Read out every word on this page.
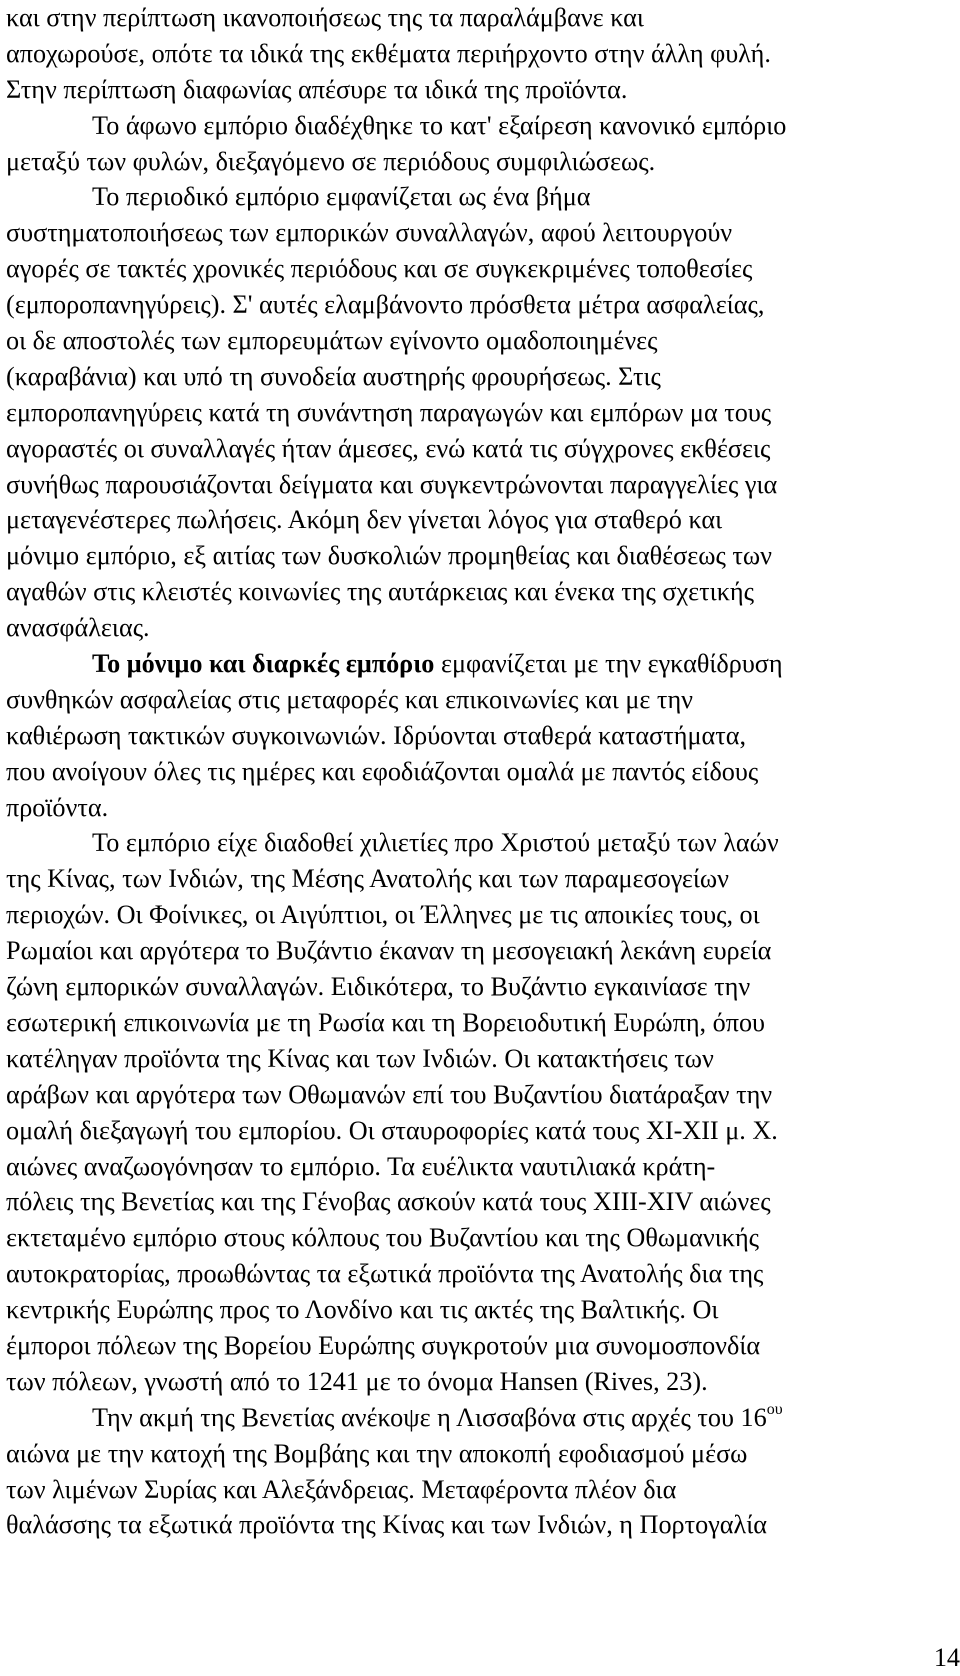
και στην περίπτωση ικανοποιήσεως της τα παραλάμβανε και
αποχωρούσε, οπότε τα ιδικά της εκθέματα περιήρχοντο στην άλλη φυλή.
Στην περίπτωση διαφωνίας απέσυρε τα ιδικά της προϊόντα.
Το άφωνο εμπόριο διαδέχθηκε το κατ' εξαίρεση κανονικό εμπόριο
μεταξύ των φυλών, διεξαγόμενο σε περιόδους συμφιλιώσεως.
Το περιοδικό εμπόριο εμφανίζεται ως ένα βήμα
συστηματοποιήσεως των εμπορικών συναλλαγών, αφού λειτουργούν
αγορές σε τακτές χρονικές περιόδους και σε συγκεκριμένες τοποθεσίες
(εμποροπανηγύρεις). Σ' αυτές ελαμβάνοντο πρόσθετα μέτρα ασφαλείας,
οι δε αποστολές των εμπορευμάτων εγίνοντο ομαδοποιημένες
(καραβάνια) και υπό τη συνοδεία αυστηρής φρουρήσεως. Στις
εμποροπανηγύρεις κατά τη συνάντηση παραγωγών και εμπόρων μα τους
αγοραστές οι συναλλαγές ήταν άμεσες, ενώ κατά τις σύγχρονες εκθέσεις
συνήθως παρουσιάζονται δείγματα και συγκεντρώνονται παραγγελίες για
μεταγενέστερες πωλήσεις. Ακόμη δεν γίνεται λόγος για σταθερό και
μόνιμο εμπόριο, εξ αιτίας των δυσκολιών προμηθείας και διαθέσεως των
αγαθών στις κλειστές κοινωνίες της αυτάρκειας και ένεκα της σχετικής
ανασφάλειας.
Το μόνιμο και διαρκές εμπόριο εμφανίζεται με την εγκαθίδρυση
συνθηκών ασφαλείας στις μεταφορές και επικοινωνίες και με την
καθιέρωση τακτικών συγκοινωνιών. Ιδρύονται σταθερά καταστήματα,
που ανοίγουν όλες τις ημέρες και εφοδιάζονται ομαλά με παντός είδους
προϊόντα.
Το εμπόριο είχε διαδοθεί χιλιετίες προ Χριστού μεταξύ των λαών
της Κίνας, των Ινδιών, της Μέσης Ανατολής και των παραμεσογείων
περιοχών. Οι Φοίνικες, οι Αιγύπτιοι, οι Έλληνες με τις αποικίες τους, οι
Ρωμαίοι και αργότερα το Βυζάντιο έκαναν τη μεσογειακή λεκάνη ευρεία
ζώνη εμπορικών συναλλαγών. Ειδικότερα, το Βυζάντιο εγκαινίασε την
εσωτερική επικοινωνία με τη Ρωσία και τη Βορειοδυτική Ευρώπη, όπου
κατέληγαν προϊόντα της Κίνας και των Ινδιών. Οι κατακτήσεις των
αράβων και αργότερα των Οθωμανών επί του Βυζαντίου διατάραξαν την
ομαλή διεξαγωγή του εμπορίου. Οι σταυροφορίες κατά τους XI-XII μ. Χ.
αιώνες αναζωογόνησαν το εμπόριο. Τα ευέλικτα ναυτιλιακά κράτη-
πόλεις της Βενετίας και της Γένοβας ασκούν κατά τους XIII-XIV αιώνες
εκτεταμένο εμπόριο στους κόλπους του Βυζαντίου και της Οθωμανικής
αυτοκρατορίας, προωθώντας τα εξωτικά προϊόντα της Ανατολής δια της
κεντρικής Ευρώπης προς το Λονδίνο και τις ακτές της Βαλτικής. Οι
έμποροι πόλεων της Βορείου Ευρώπης συγκροτούν μια συνομοσπονδία
των πόλεων, γνωστή από το 1241 με το όνομα Hansen (Rives, 23).
Την ακμή της Βενετίας ανέκοψε η Λισσαβόνα στις αρχές του $16^{o\upsilon}$
αιώνα με την κατοχή της Βομβάης και την αποκοπή εφοδιασμού μέσω
των λιμένων Συρίας και Αλεξάνδρειας. Μεταφέροντα πλέον δια
θαλάσσης τα εξωτικά προϊόντα της Κίνας και των Ινδιών, η Πορτογαλία
14
